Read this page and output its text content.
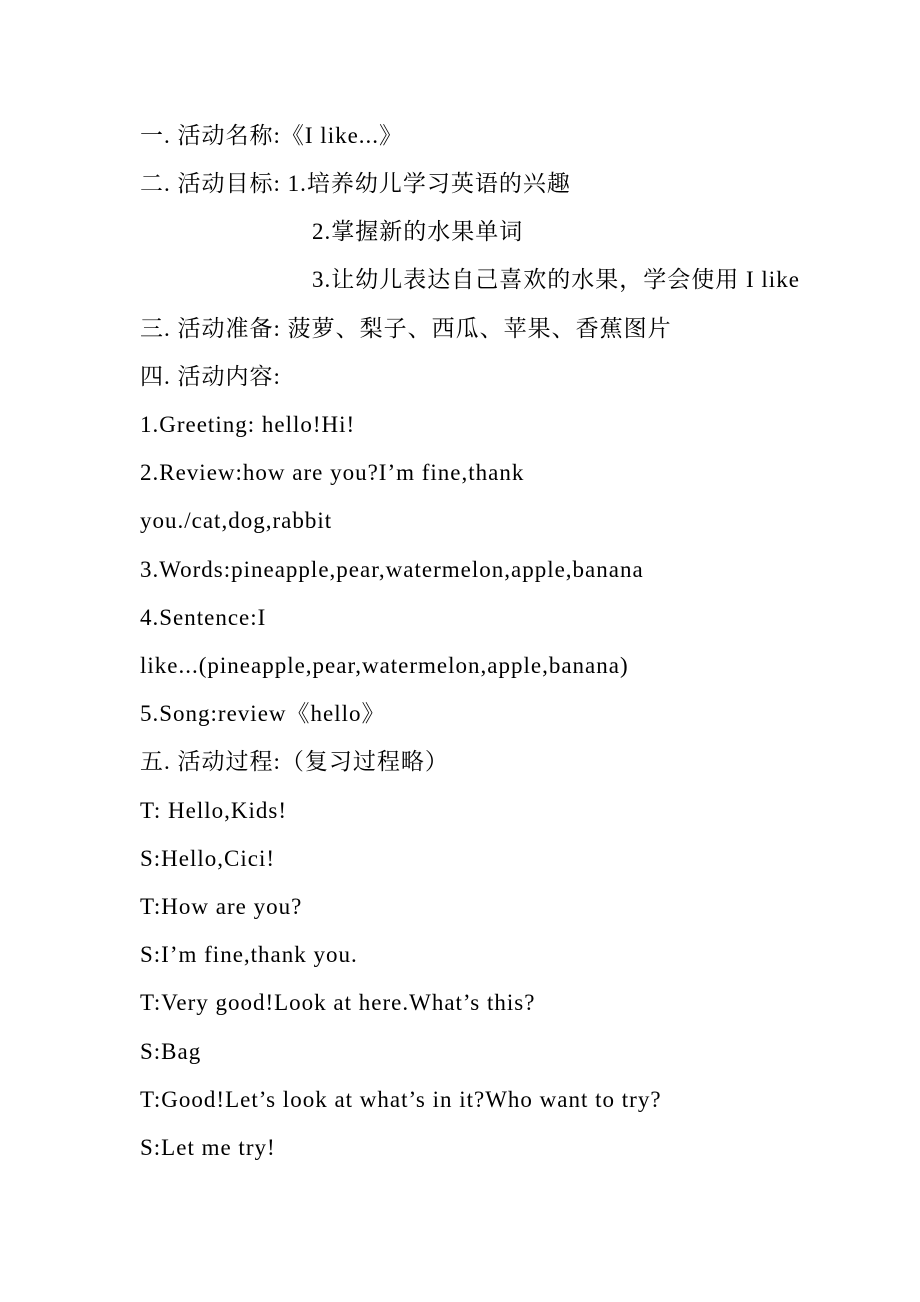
一. 活动名称:《I like...》
二. 活动目标: 1.培养幼儿学习英语的兴趣
2.掌握新的水果单词
3.让幼儿表达自己喜欢的水果，学会使用 I like
三. 活动准备: 菠萝、梨子、西瓜、苹果、香蕉图片
四. 活动内容:
1.Greeting: hello!Hi!
2.Review:how are you?I’m fine,thank
you./cat,dog,rabbit
3.Words:pineapple,pear,watermelon,apple,banana
4.Sentence:I
like...(pineapple,pear,watermelon,apple,banana)
5.Song:review《hello》
五. 活动过程:（复习过程略）
T: Hello,Kids!
S:Hello,Cici!
T:How are you?
S:I’m fine,thank you.
T:Very good!Look at here.What’s this?
S:Bag
T:Good!Let’s look at what’s in it?Who want to try?
S:Let me try!
